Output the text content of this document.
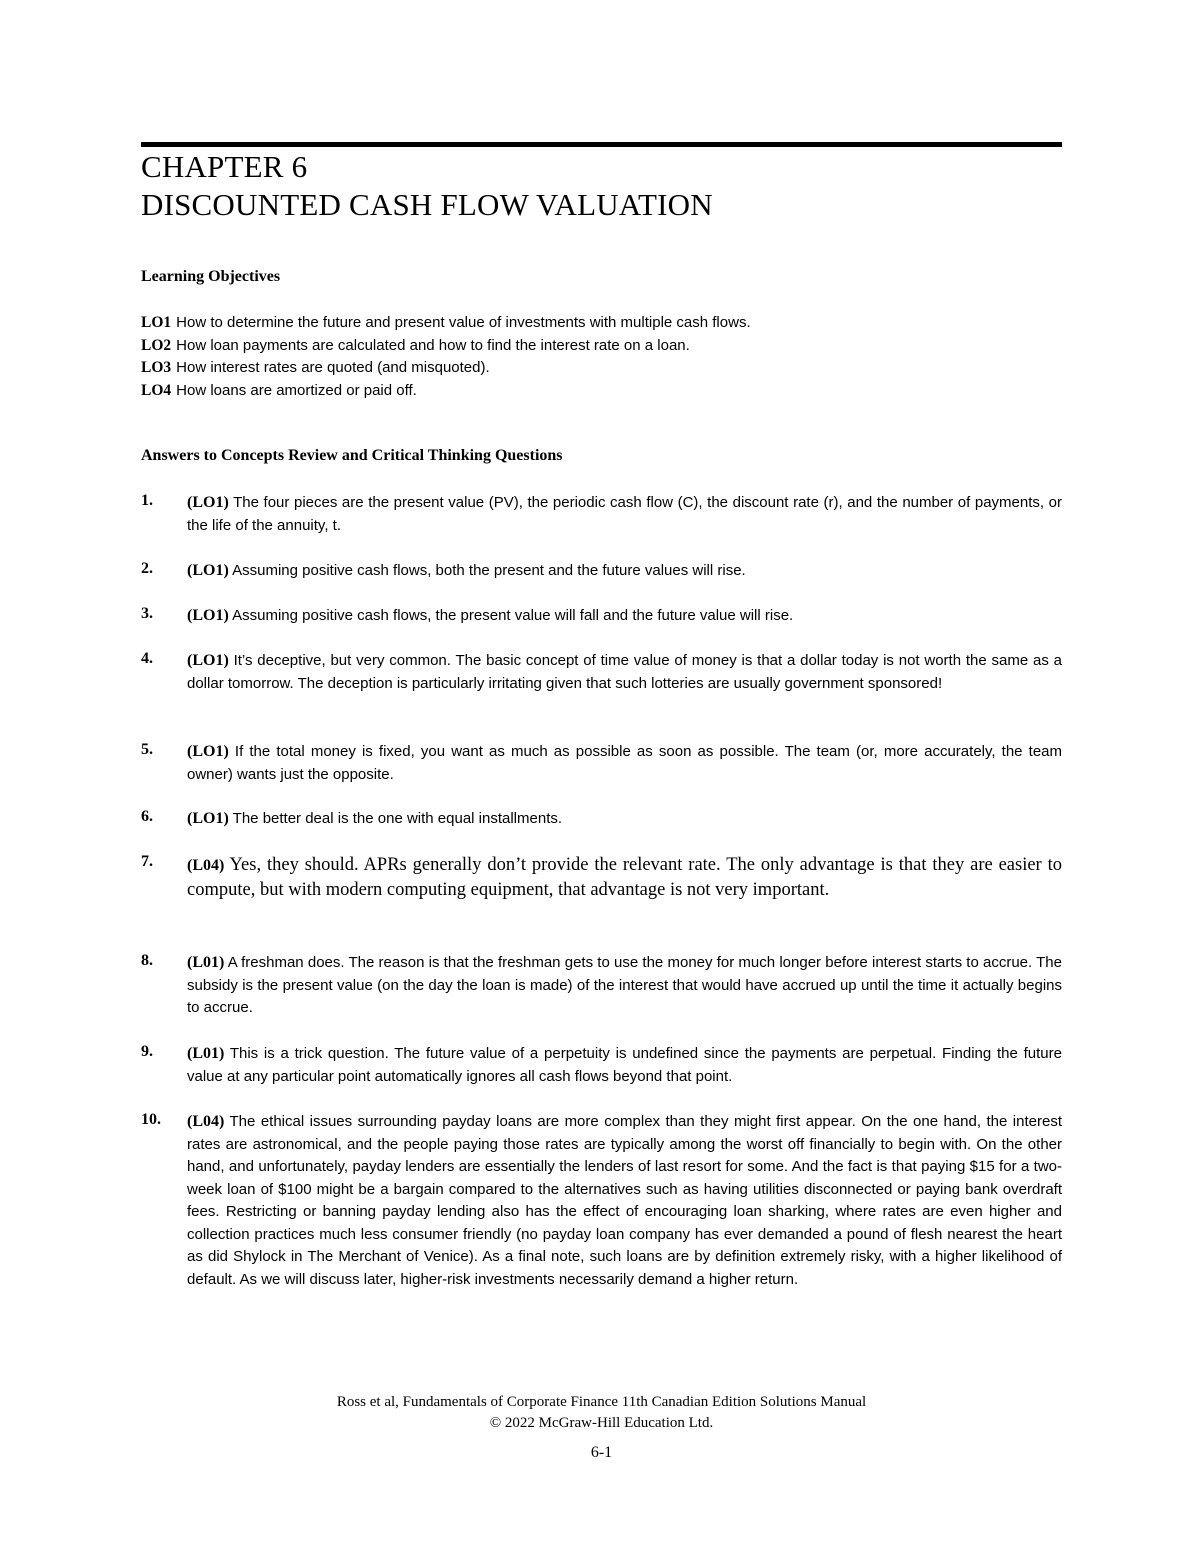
CHAPTER 6
DISCOUNTED CASH FLOW VALUATION
Learning Objectives
LO1 How to determine the future and present value of investments with multiple cash flows.
LO2 How loan payments are calculated and how to find the interest rate on a loan.
LO3 How interest rates are quoted (and misquoted).
LO4 How loans are amortized or paid off.
Answers to Concepts Review and Critical Thinking Questions
1. (LO1) The four pieces are the present value (PV), the periodic cash flow (C), the discount rate (r), and the number of payments, or the life of the annuity, t.
2. (LO1) Assuming positive cash flows, both the present and the future values will rise.
3. (LO1) Assuming positive cash flows, the present value will fall and the future value will rise.
4. (LO1) It’s deceptive, but very common. The basic concept of time value of money is that a dollar today is not worth the same as a dollar tomorrow. The deception is particularly irritating given that such lotteries are usually government sponsored!
5. (LO1) If the total money is fixed, you want as much as possible as soon as possible. The team (or, more accurately, the team owner) wants just the opposite.
6. (LO1) The better deal is the one with equal installments.
7. (L04) Yes, they should. APRs generally don’t provide the relevant rate. The only advantage is that they are easier to compute, but with modern computing equipment, that advantage is not very important.
8. (L01) A freshman does. The reason is that the freshman gets to use the money for much longer before interest starts to accrue. The subsidy is the present value (on the day the loan is made) of the interest that would have accrued up until the time it actually begins to accrue.
9. (L01) This is a trick question. The future value of a perpetuity is undefined since the payments are perpetual. Finding the future value at any particular point automatically ignores all cash flows beyond that point.
10. (L04) The ethical issues surrounding payday loans are more complex than they might first appear. On the one hand, the interest rates are astronomical, and the people paying those rates are typically among the worst off financially to begin with. On the other hand, and unfortunately, payday lenders are essentially the lenders of last resort for some. And the fact is that paying $15 for a two-week loan of $100 might be a bargain compared to the alternatives such as having utilities disconnected or paying bank overdraft fees. Restricting or banning payday lending also has the effect of encouraging loan sharking, where rates are even higher and collection practices much less consumer friendly (no payday loan company has ever demanded a pound of flesh nearest the heart as did Shylock in The Merchant of Venice). As a final note, such loans are by definition extremely risky, with a higher likelihood of default. As we will discuss later, higher-risk investments necessarily demand a higher return.
Ross et al, Fundamentals of Corporate Finance 11th Canadian Edition Solutions Manual
© 2022 McGraw-Hill Education Ltd.
6-1
